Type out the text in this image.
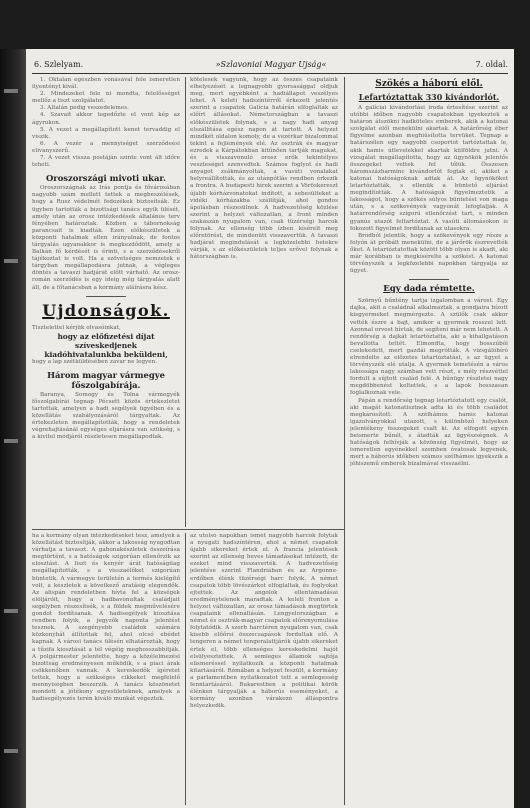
6. Szlelyam.	»Szlavoniai Magyar Ujság«	7. oldal.

1. Oktalan egészben vonásával fele ismeretlen ilyentényt kivál.

2. Mindezeket fele ni mondta, felelősséget mellőz a tiszt szolgálatot.

3. Altalán pedig veszedelemes.

4. Szavait akkor tegedőzte el vont kép az ágyrokon.

5. A vezet a megállapított kenet tervaddig el viszik.

6. A vezér a mennyiséget szerződeési elivanyszerű.

7. A vezet vissza postáján szinte vont ált időre teheti.

Oroszországi mivoti ukar.

Oroszországnak az Irás pontja és fővárosában nagyobb szám mellett tettek a megbeszélések, hogy a Rusz védelmét fedezékek biztosítsák. Ez ügyben tartották a bizottsági tanács egyik ülését, amely után az orosz intézkedések általános terv fényében határoztak. Közben a tábornokság parancsait is kiadták. Ezen előkészületek a központi hatalmak ellen irányulnak, de fontos tárgyalás ugyanakkor is megkezdődött, amely a Balkán fő kérdését is érinti, s a szerződésekről tájékoztat is volt. Ha a szövetséges nemzetek e tárgyban megállapodásra jutnak, a végleges döntés a tavaszi hadjárat előtt várható. Az orosz-román szerződés is egy ideig még tárgyalás alatt áll, de a főtanácsban a kormány aláírásra kész.

Ujdonságok.

Tisztelettel kérjük olvasóinkat,

hogy az előfizetési díjat szíveskedjenek

kiadóhivatalunkba beküldeni,

hogy a lap szétküldésében zavar ne legyen.

Három magyar vármegye főszolgabírája.

Baranya, Somogy és Tolna vármegyék főszolgabírái tegnap Pécsett közös értekezletet tartottak, amelyen a hadi segélyek ügyében és a közellátás szabályozásáról tárgyaltak. Az értekezleten megállapították, hogy a rendeletek végrehajtásánál egységes eljárásra van szükség, s a kivitel módjáról részletesen megállapodtak.

kötelesek vagyunk, hogy az összes csapataink elhelyezését a legnagyobb gyorsasággal oldjuk meg, mert egyébként a hadiállapot veszélyes lehet. A keleti hadszíntérről érkezett jelentés szerint a csapatok Galícia határán elfoglalták az előírt állásokat. Németországban a tavaszi előkészületek folynak, s a nagy hadi anyag elszállítása egész napon át tartott. A helyzet mindkét oldalon komoly, de a vezérkar bizalommal tekint a fejlemények elé. Az osztrák és magyar ezredek a Kárpátokban kitűnően tartják magukat, és a visszavonuló orosz erők tekintélyes veszteséget szenvedtek. Számos foglyot és hadi anyagot zsákmányoltak, a vasúti vonalakat helyreállították, és az utánpótlás rendben érkezik a frontra. A budapesti hírek szerint a Vöröskereszt újabb kórházvonatokat indított, a sebesülteket a vidéki kórházakba szállítják, ahol gondos ápolásban részesülnek. A hadvezetőség közlése szerint a helyzet változatlan, a front minden szakaszán nyugalom van, csak tüzérségi harcok folynak. Az ellenség több ízben kísérelt meg előretörést, de mindenütt visszavertük. A tavaszi hadjárat megindulását a legközelebbi hetekre várják, s az előkészületek teljes erővel folynak a hátországban is.

ha a kormány olyan intézkedéseket tesz, amelyek a közellátást biztosítják, akkor a lakosság nyugodtan várhatja a tavaszt. A gabonakészletek összeírása megtörtént, s a hatóságok szigorúan ellenőrzik az elosztást. A liszt és kenyér árát hatóságilag megállapították, s a visszaélőket szigorúan büntetik. A vármegye területén a termés kielégítő volt, a készletek a következő aratásig elegendők. Az alispán rendeletben hívta fel a községek elöljáróit, hogy a hadbavonultak családjait segélyben részesítsék, s a földek megművelésére gondot fordítsanak. A hadisegélyek kiosztása rendben folyik, a jegyzők naponta jelentést tesznek. A szegényebb családok számára közkonyhát állítottak fel, ahol olcsó ebédet kapnak. A városi tanács ülésén elhatározták, hogy a tűzifa kiosztását a tél végéig meghosszabbítják. A polgármester jelentette, hogy a közélelmezési bizottság eredményesen működik, s a piaci árak csökkenőben vannak. A kereskedők ígéretet tettek, hogy a szükséges cikkeket megfelelő mennyiségben beszerzik. A tanács köszönetet mondott a jótékony egyesületeknek, amelyek a hadisegélyezés terén kiváló munkát végeztek.

az utolsó napokban ismét nagyobb harcok folytak a nyugati hadszíntéren, ahol a német csapatok újabb sikereket értek el. A francia jelentések szerint az ellenség heves támadásokat intézett, de ezeket mind visszaverték. A hadvezetőség jelentése szerint Flandriában és az Argonne-erdőben élénk tüzérségi harc folyik. A német csapatok több lövészárkot elfoglaltak, és foglyokat ejtettek. Az angolok ellentámadásai eredménytelenek maradtak. A keleti fronton a helyzet változatlan, az orosz támadások megtörtek csapataink ellenállásán. Lengyelországban a német és osztrák-magyar csapatok előrenyomulása folytatódik. A szerb harctéren nyugalom van, csak kisebb előőrsi összecsapások fordultak elő. A tengeren a német tengeralattjárók újabb sikereket értek el, több ellenséges kereskedelmi hajót elsülyesztettek. A semleges államok sajtója elismeréssel nyilatkozik a központi hatalmak kitartásáról. Rómában a helyzet feszült, a kormány a parlamentben nyilatkozatot tett a semlegesség fenntartásáról. Bukarestben a politikai körök élénken tárgyalják a háborús eseményeket, a kormány azonban várakozó álláspontra helyezkedik.

Szökés a háború elől.
Lefartóztattak 330 kivándorlót.

A galíciai kivándorlási iroda értesítése szerint az utóbbi időben nagyobb csapatokban igyekeztek a határon átszökni hadköteles emberek, akik a katonai szolgálat elől menekülni akartak. A határőrség éber figyelme azonban meghiúsította tervüket. Tegnap a határszélen egy nagyobb csoportot tartóztattak le, akik hamis útlevelekkel akartak külföldre jutni. A vizsgálat megállapította, hogy az ügynökök jelentős összegeket vettek fel tőlük. Összesen háromszázharminc kivándorlót fogtak el, akiket a katonai hatóságoknak adtak át. Az ügynököket letartóztatták, s ellenük a büntető eljárást megindították. A hatóságok figyelmeztetik a lakosságot, hogy a szökés súlyos büntetést von maga után, s a szökevények vagyonát lefoglalják. A határrendőrség szigorú ellenőrzést tart, s minden gyanús utazót feltartóztat. A vasúti állomásokon is fokozott figyelmet fordítanak az utasokra.

Brodból jelentik, hogy a szökevények egy része a folyón át próbált menekülni, de a járőrök észrevették őket. A letartóztatottak között több olyan is akadt, aki már korábban is megkísérelte a szökést. A katonai törvényszék a legközelebbi napokban tárgyalja az ügyet.

Egy dada rémtette.

Szörnyű bűntény tartja izgalomban a várost. Egy dajka, akit a családnál alkalmaztak, a gondjaira bízott kisgyermeket megmérgezte. A szülők csak akkor vették észre a bajt, amikor a gyermek rosszul lett. Azonnal orvost hívtak, de segíteni már nem lehetett. A rendőrség a dajkát letartóztatta, aki a kihallgatáson bevallotta tettét. Elmondta, hogy bosszúból cselekedett, mert gazdái megrótták. A vizsgálóbíró elrendelte az előzetes letartóztatást, s az ügyet a törvényszék elé utalja. A gyermek temetésén a város lakossága nagy számban vett részt, s mély részvéttel fordult a sújtott család felé. A bűnügy részletei nagy megdöbbenést keltettek, s a lapok hosszasan foglalkoznak vele.

Pápán a rendőrség tegnap letartóztatott egy csalót, aki magát katonatisztnek adta ki és több családot megkárosított. A szélhámos hamis katonai igazolványokkal utazott, s különböző helyeken jelentékeny összegeket csalt ki. Az elfogott egyén beismerte bűnét, s átadták az ügyészségnek. A hatóságok felhívják a közönség figyelmét, hogy az ismeretlen egyénekkel szemben óvatosak legyenek, mert a háborús időkben számos szélhámos igyekszik a jóhiszemű emberek bizalmával visszaélni.
